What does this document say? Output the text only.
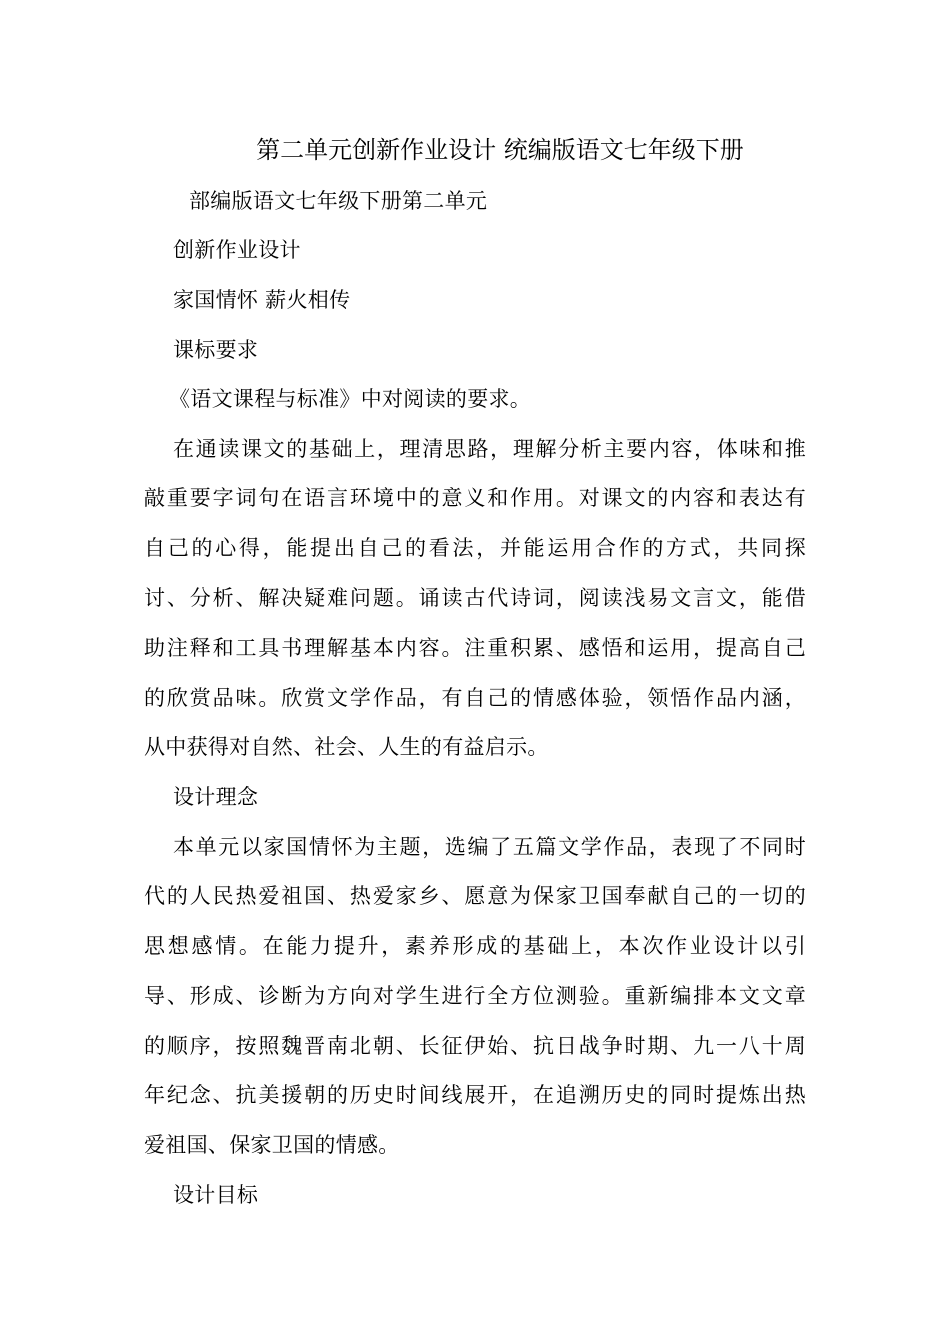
第二单元创新作业设计 统编版语文七年级下册
部编版语文七年级下册第二单元
创新作业设计
家国情怀 薪火相传
课标要求
《语文课程与标准》中对阅读的要求。
在通读课文的基础上，理清思路，理解分析主要内容，体味和推
敲重要字词句在语言环境中的意义和作用。对课文的内容和表达有
自己的心得，能提出自己的看法，并能运用合作的方式，共同探
讨、分析、解决疑难问题。诵读古代诗词，阅读浅易文言文，能借
助注释和工具书理解基本内容。注重积累、感悟和运用，提高自己
的欣赏品味。欣赏文学作品，有自己的情感体验，领悟作品内涵，
从中获得对自然、社会、人生的有益启示。
设计理念
本单元以家国情怀为主题，选编了五篇文学作品，表现了不同时
代的人民热爱祖国、热爱家乡、愿意为保家卫国奉献自己的一切的
思想感情。在能力提升，素养形成的基础上，本次作业设计以引
导、形成、诊断为方向对学生进行全方位测验。重新编排本文文章
的顺序，按照魏晋南北朝、长征伊始、抗日战争时期、九一八十周
年纪念、抗美援朝的历史时间线展开，在追溯历史的同时提炼出热
爱祖国、保家卫国的情感。
设计目标
